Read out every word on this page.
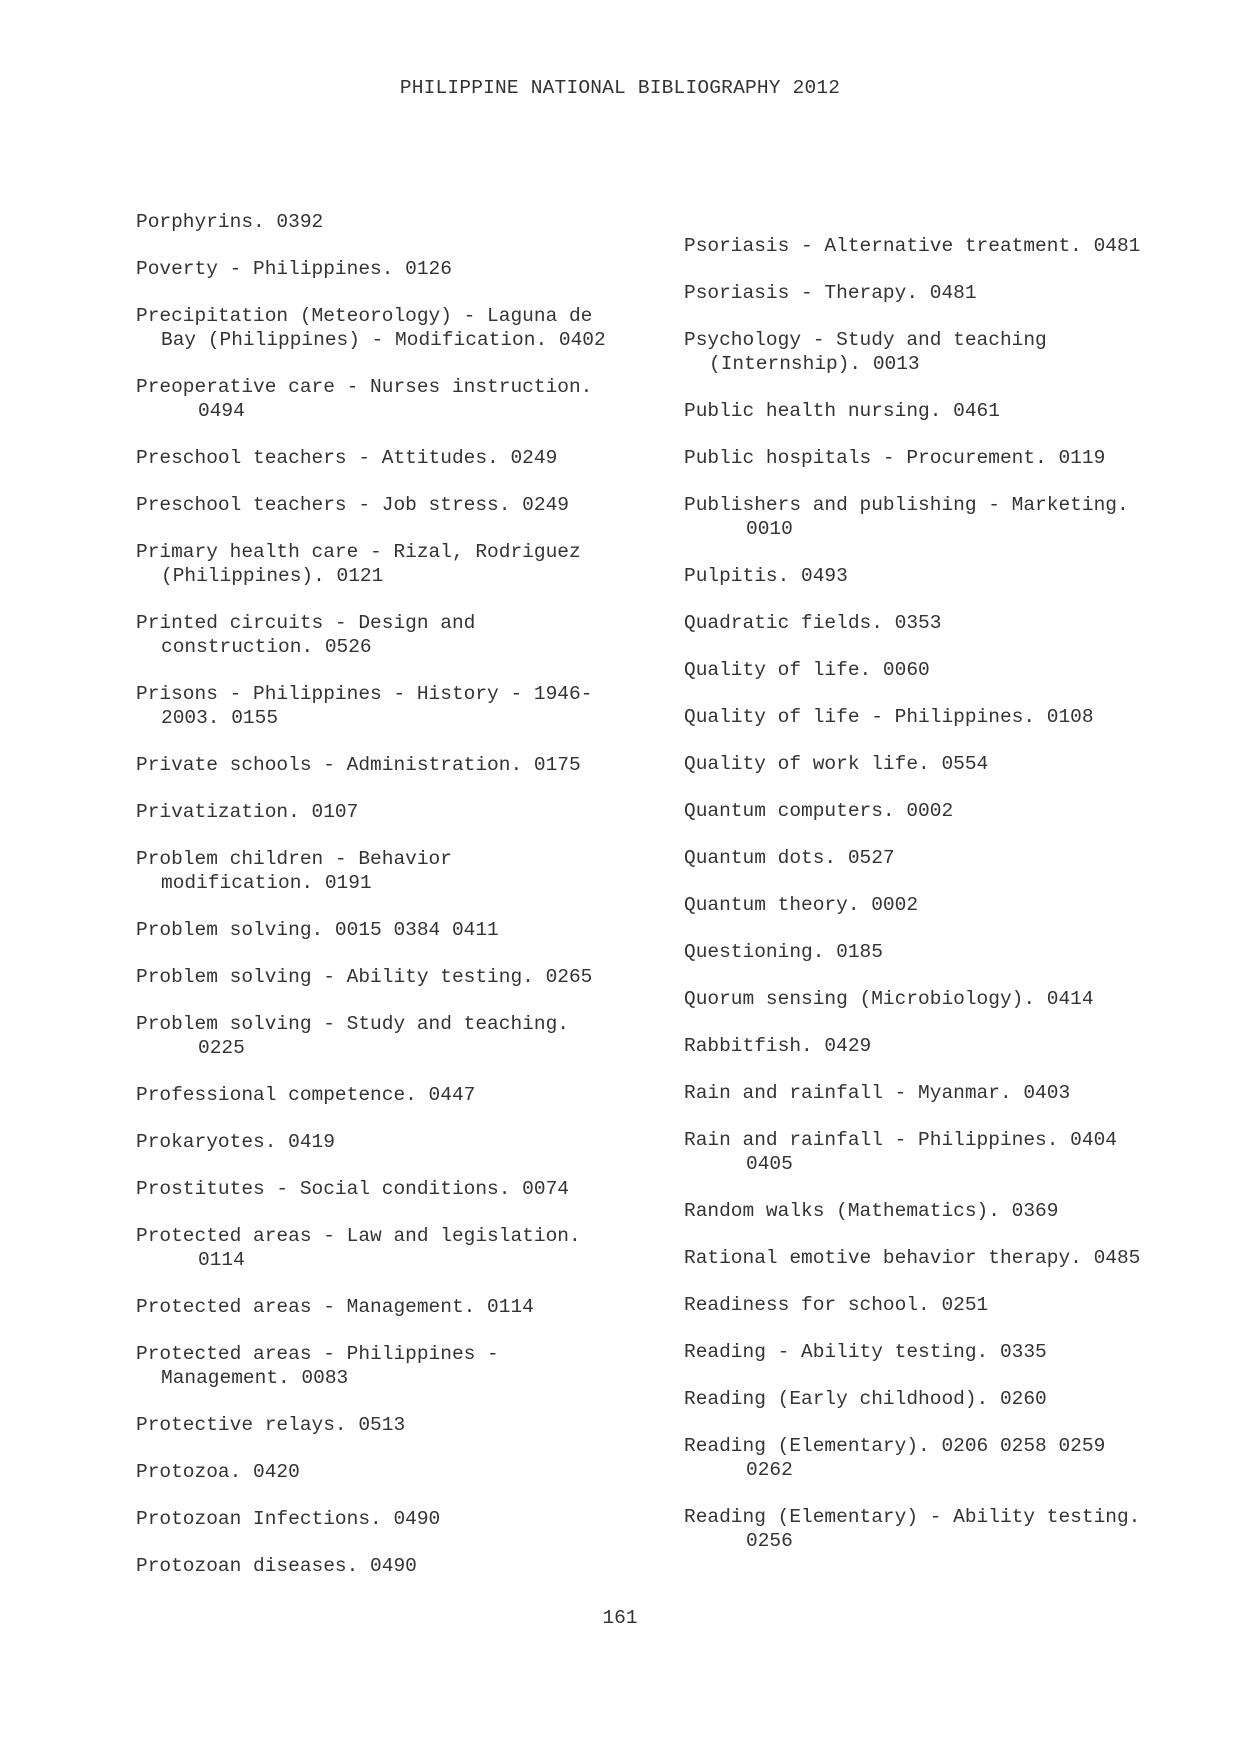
PHILIPPINE NATIONAL BIBLIOGRAPHY 2012
Porphyrins. 0392
Poverty - Philippines. 0126
Precipitation (Meteorology) - Laguna de
Bay (Philippines) - Modification. 0402
Preoperative care - Nurses instruction.
0494
Preschool teachers - Attitudes. 0249
Preschool teachers - Job stress. 0249
Primary health care - Rizal, Rodriguez
(Philippines). 0121
Printed circuits - Design and
construction. 0526
Prisons - Philippines - History - 1946-
2003. 0155
Private schools - Administration. 0175
Privatization. 0107
Problem children - Behavior
modification. 0191
Problem solving. 0015 0384 0411
Problem solving - Ability testing. 0265
Problem solving - Study and teaching.
0225
Professional competence. 0447
Prokaryotes. 0419
Prostitutes - Social conditions. 0074
Protected areas - Law and legislation.
0114
Protected areas - Management. 0114
Protected areas - Philippines -
Management. 0083
Protective relays. 0513
Protozoa. 0420
Protozoan Infections. 0490
Protozoan diseases. 0490
Psoriasis - Alternative treatment. 0481
Psoriasis - Therapy. 0481
Psychology - Study and teaching
(Internship). 0013
Public health nursing. 0461
Public hospitals - Procurement. 0119
Publishers and publishing - Marketing.
0010
Pulpitis. 0493
Quadratic fields. 0353
Quality of life. 0060
Quality of life - Philippines. 0108
Quality of work life. 0554
Quantum computers. 0002
Quantum dots. 0527
Quantum theory. 0002
Questioning. 0185
Quorum sensing (Microbiology). 0414
Rabbitfish. 0429
Rain and rainfall - Myanmar. 0403
Rain and rainfall - Philippines. 0404
0405
Random walks (Mathematics). 0369
Rational emotive behavior therapy. 0485
Readiness for school. 0251
Reading - Ability testing. 0335
Reading (Early childhood). 0260
Reading (Elementary). 0206 0258 0259
0262
Reading (Elementary) - Ability testing.
0256
161
